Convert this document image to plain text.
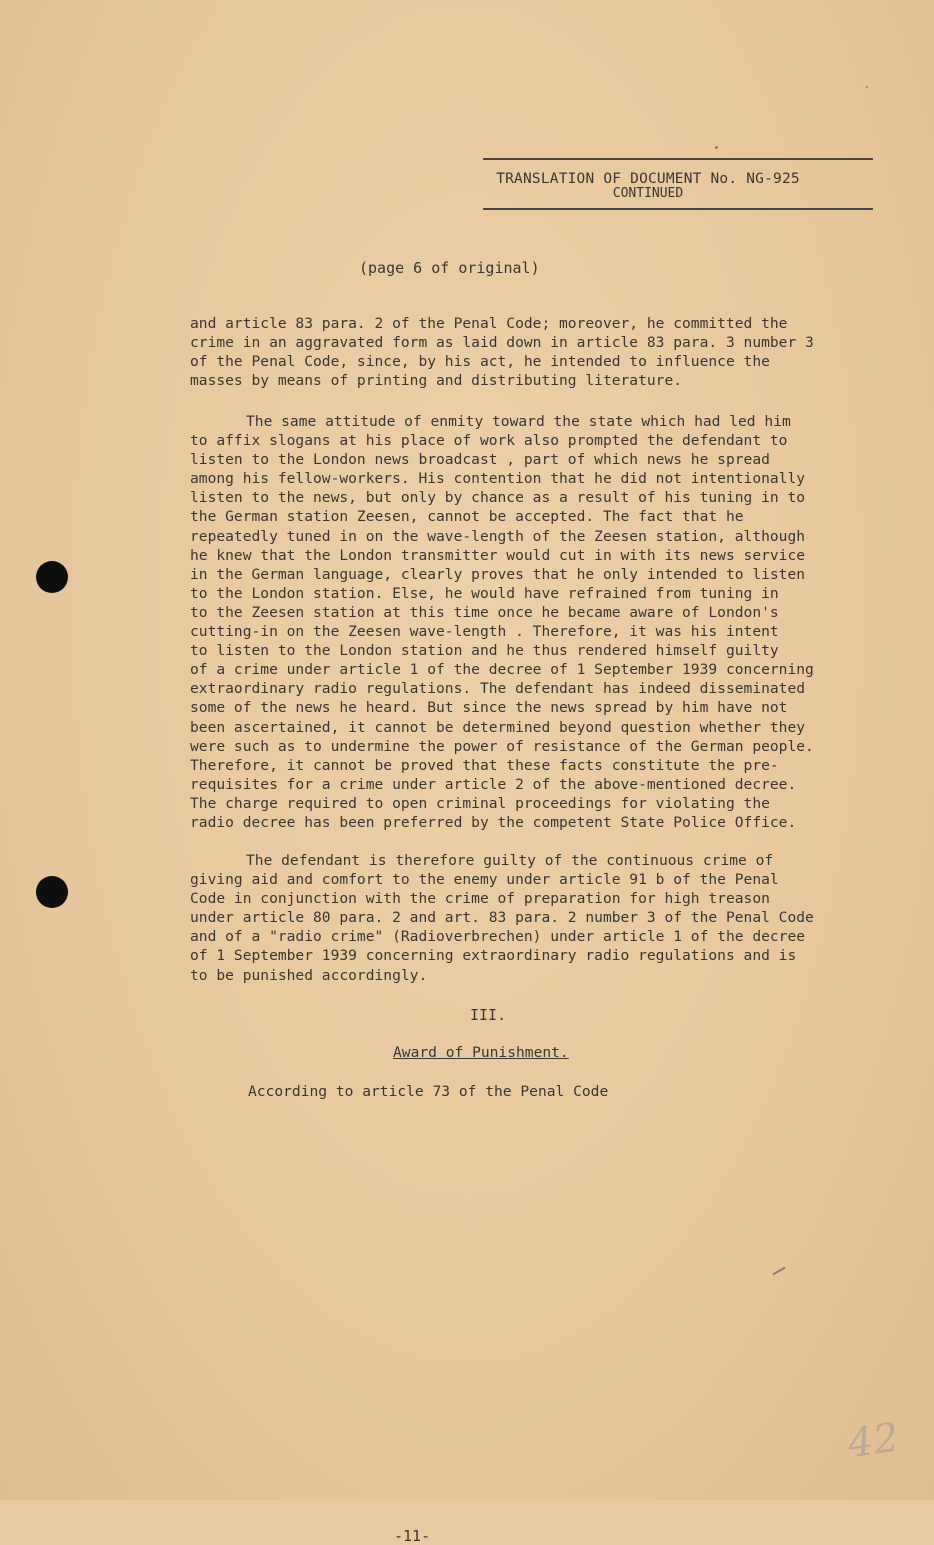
TRANSLATION OF DOCUMENT No. NG-925
CONTINUED
(page 6 of original)
and article 83 para. 2 of the Penal Code; moreover, he committed the
crime in an aggravated form as laid down in article 83 para. 3 number 3
of the Penal Code, since, by his act, he intended to influence the
masses by means of printing and distributing literature.
The same attitude of enmity toward the state which had led him
to affix slogans at his place of work also prompted the defendant to
listen to the London news broadcast , part of which news he spread
among his fellow-workers. His contention that he did not intentionally
listen to the news, but only by chance as a result of his tuning in to
the German station Zeesen, cannot be accepted. The fact that he
repeatedly tuned in on the wave-length of the Zeesen station, although
he knew that the London transmitter would cut in with its news service
in the German language, clearly proves that he only intended to listen
to the London station. Else, he would have refrained from tuning in
to the Zeesen station at this time once he became aware of London's
cutting-in on the Zeesen wave-length . Therefore, it was his intent
to listen to the London station and he thus rendered himself guilty
of a crime under article 1 of the decree of 1 September 1939 concerning
extraordinary radio regulations. The defendant has indeed disseminated
some of the news he heard. But since the news spread by him have not
been ascertained, it cannot be determined beyond question whether they
were such as to undermine the power of resistance of the German people.
Therefore, it cannot be proved that these facts constitute the pre-
requisites for a crime under article 2 of the above-mentioned decree.
The charge required to open criminal proceedings for violating the
radio decree has been preferred by the competent State Police Office.
The defendant is therefore guilty of the continuous crime of
giving aid and comfort to the enemy under article 91 b of the Penal
Code in conjunction with the crime of preparation for high treason
under article 80 para. 2 and art. 83 para. 2 number 3 of the Penal Code
and of a "radio crime" (Radioverbrechen) under article 1 of the decree
of 1 September 1939 concerning extraordinary radio regulations and is
to be punished accordingly.
III.
Award of Punishment.
According to article 73 of the Penal Code
-11-
42
